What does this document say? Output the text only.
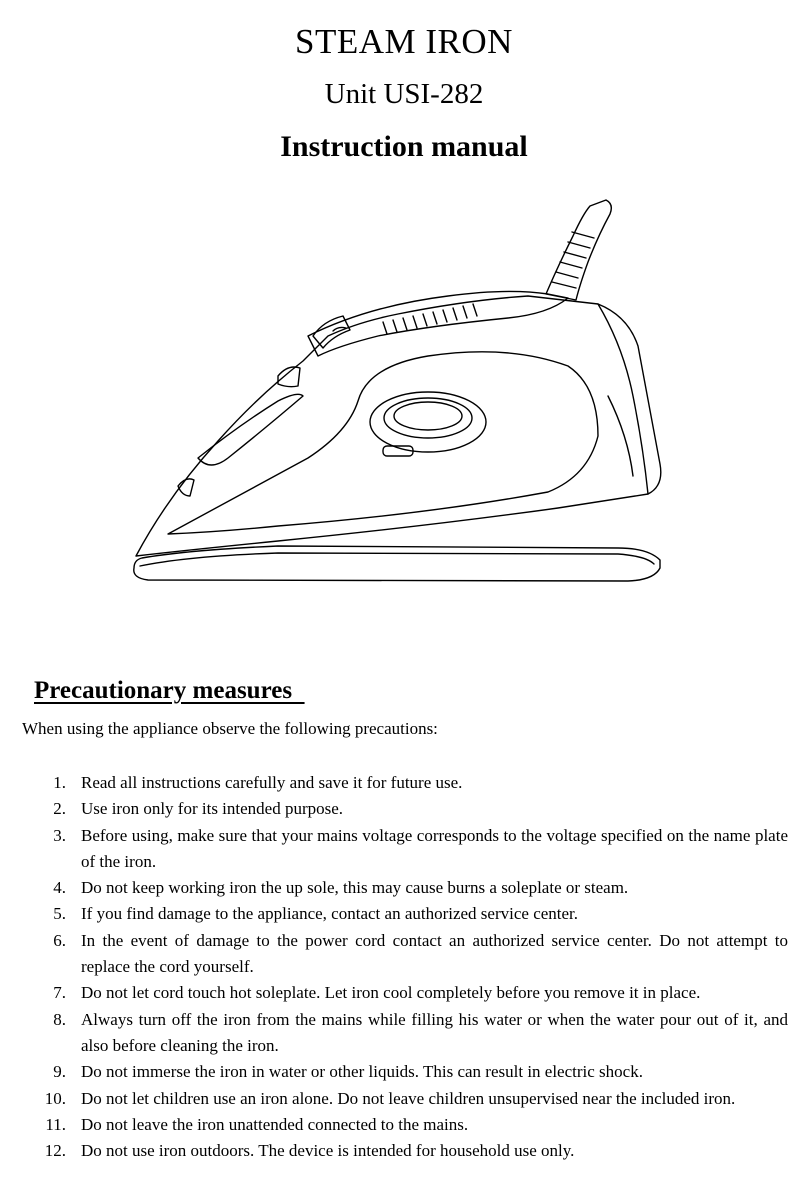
STEAM IRON
Unit USI-282
Instruction manual
Precautionary measures

When using the appliance observe the following precautions:

1. Read all instructions carefully and save it for future use.
2. Use iron only for its intended purpose.
3. Before using, make sure that your mains voltage corresponds to the voltage specified on the name plate of the iron.
4. Do not keep working iron the up sole, this may cause burns a soleplate or steam.
5. If you find damage to the appliance, contact an authorized service center.
6. In the event of damage to the power cord contact an authorized service center. Do not attempt to replace the cord yourself.
7. Do not let cord touch hot soleplate. Let iron cool completely before you remove it in place.
8. Always turn off the iron from the mains while filling his water or when the water pour out of it, and also before cleaning the iron.
9. Do not immerse the iron in water or other liquids. This can result in electric shock.
10. Do not let children use an iron alone. Do not leave children unsupervised near the included iron.
11. Do not leave the iron unattended connected to the mains.
12. Do not use iron outdoors. The device is intended for household use only.
